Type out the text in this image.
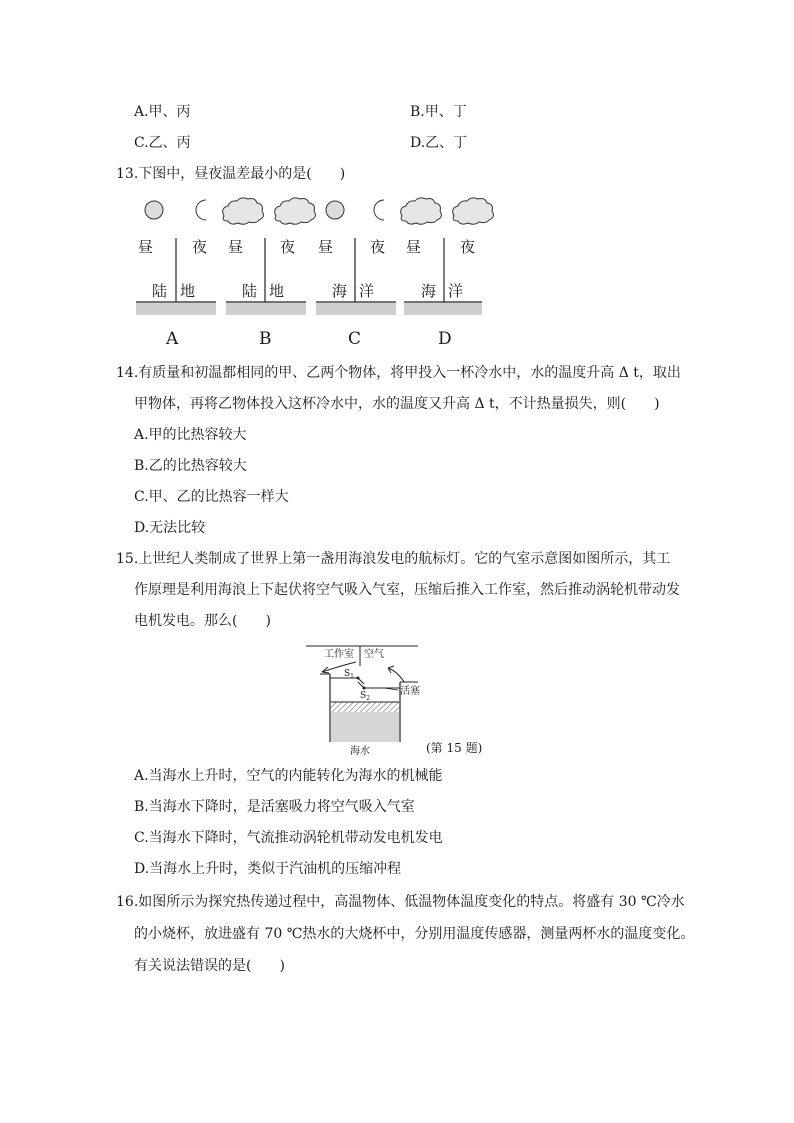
A.甲、丙	B.甲、丁
C.乙、丙	D.乙、丁
13.下图中，昼夜温差最小的是(　　)
昼	夜
陆 地
A
昼 夜
陆 地
B
昼 夜
海 洋
C
昼	夜
海 洋
D
14.有质量和初温都相同的甲、乙两个物体，将甲投入一杯冷水中，水的温度升高 Δ t，取出
甲物体，再将乙物体投入这杯冷水中，水的温度又升高 Δ t，不计热量损失，则(　　)
A.甲的比热容较大
B.乙的比热容较大
C.甲、乙的比热容一样大
D.无法比较
15.上世纪人类制成了世界上第一盏用海浪发电的航标灯。它的气室示意图如图所示，其工
作原理是利用海浪上下起伏将空气吸入气室，压缩后推入工作室，然后推动涡轮机带动发
电机发电。那么(　　)
工作室 空气
$S_1$
$S_2$
活塞
海水	(第 15 题)
A.当海水上升时，空气的内能转化为海水的机械能
B.当海水下降时，是活塞吸力将空气吸入气室
C.当海水下降时，气流推动涡轮机带动发电机发电
D.当海水上升时，类似于汽油机的压缩冲程
16.如图所示为探究热传递过程中，高温物体、低温物体温度变化的特点。将盛有 30 ℃冷水
的小烧杯，放进盛有 70 ℃热水的大烧杯中，分别用温度传感器，测量两杯水的温度变化。
有关说法错误的是(　　)
